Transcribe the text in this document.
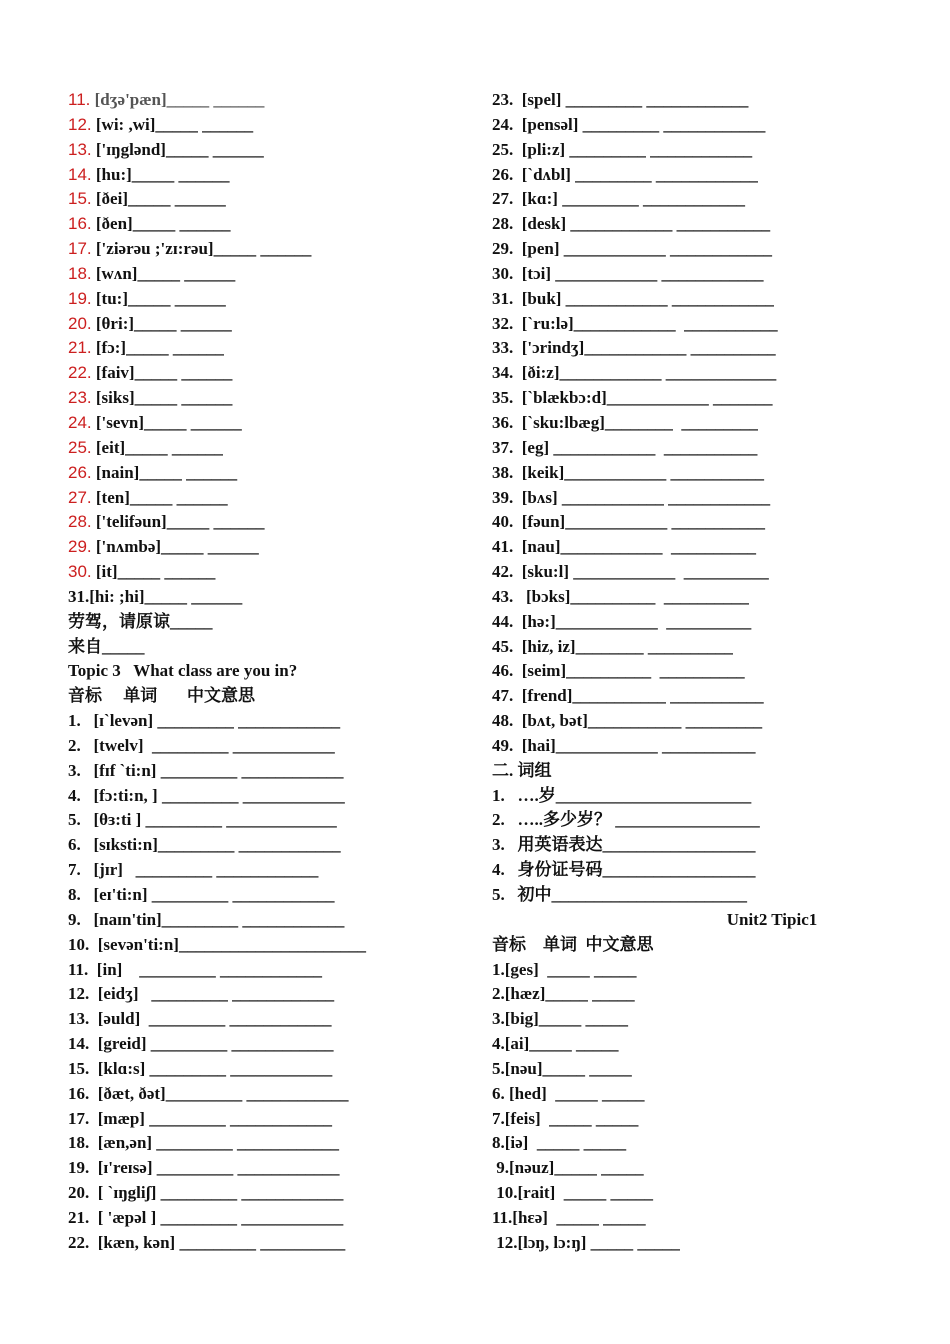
11. [dʒə'pæn]_____ ______
12. [wi: ,wi]_____ ______
13. ['ɪŋglənd]_____ ______
14. [hu:]_____ ______
15. [ðei]_____ ______
16. [ðen]_____ ______
17. ['ziərəu ;'zɪ:rəu]_____ ______
18. [wʌn]_____ ______
19. [tu:]_____ ______
20. [θri:]_____ ______
21. [fɔ:]_____ ______
22. [faiv]_____ ______
23. [siks]_____ ______
24. ['sevn]_____ ______
25. [eit]_____ ______
26. [nain]_____ ______
27. [ten]_____ ______
28. ['telifəun]_____ ______
29. ['nʌmbə]_____ ______
30. [it]_____ ______
31.[hi: ;hi]_____ ______
劳驾，请原谅_____
来自_____
Topic 3   What class are you in?
音标     单词       中文意思
1.   [ɪˋlevən] _________ ____________
2.   [twelv]  _________ ____________
3.   [fɪf ˋti:n] _________ ____________
4.   [fɔ:ti:n, ] _________ ____________
5.   [θɜ:ti ] _________ _____________
6.   [sɪksti:n]_________ ____________
7.   [jɪr]   _________ ____________
8.   [eɪ'ti:n] _________ ____________
9.   [naɪn'tin]_________ ____________
10.  [sevən'ti:n]______________________
11.  [in]    _________ ____________
12.  [eidʒ]   _________ ____________
13.  [əuld]  _________ ____________
14.  [greid] _________ ____________
15.  [klɑ:s] _________ ____________
16.  [ðæt, ðət]_________ ____________
17.  [mæp] _________ ____________
18.  [æn,ən] _________ ____________
19.  [ɪ'reɪsə] _________ ____________
20.  [ ˋɪŋgliʃ] _________ ____________
21.  [ 'æpəl ] _________ ____________
22.  [kæn, kən] _________ __________
23.  [spel] _________ ____________
24.  [pensəl] _________ ____________
25.  [pli:z] _________ ____________
26.  [ˋdʌbl] _________ ____________
27.  [kɑ:] _________ ____________
28.  [desk] ____________ ___________
29.  [pen] ____________ ____________
30.  [tɔi] ____________ ____________
31.  [buk] ____________ ____________
32.  [ˋru:lə]____________  ___________
33.  ['ɔrindʒ]____________ __________
34.  [ði:z]____________ _____________
35.  [ˋblækbɔ:d]____________ _______
36.  [ˋsku:lbæg]________  _________
37.  [eg] ____________  ___________
38.  [keik]____________ ___________
39.  [bʌs] ____________ ____________
40.  [fəun]____________ ___________
41.  [nau]____________  __________
42.  [sku:l] ____________  __________
43.   [bɔks]__________  __________
44.  [hə:]____________  __________
45.  [hiz, iz]________ __________
46.  [seim]__________  __________
47.  [frend]___________ ___________
48.  [bʌt, bət]___________ _________
49.  [hai]____________ ___________
二. 词组
1.   ….岁_______________________
2.   …..多少岁？ _________________
3.   用英语表达__________________
4.   身份证号码__________________
5.   初中_______________________
Unit2 Tipic1
音标    单词  中文意思
1.[ges]  _____ _____
2.[hæz]_____ _____
3.[big]_____ _____
4.[ai]_____ _____
5.[nəu]_____ _____
6. [hed]  _____ _____
7.[feis]  _____ _____
8.[iə]  _____ _____
9.[nəuz]_____ _____
10.[rait]  _____ _____
11.[hɛə]  _____ _____
12.[lɔŋ, lɔ:ŋ] _____ _____
